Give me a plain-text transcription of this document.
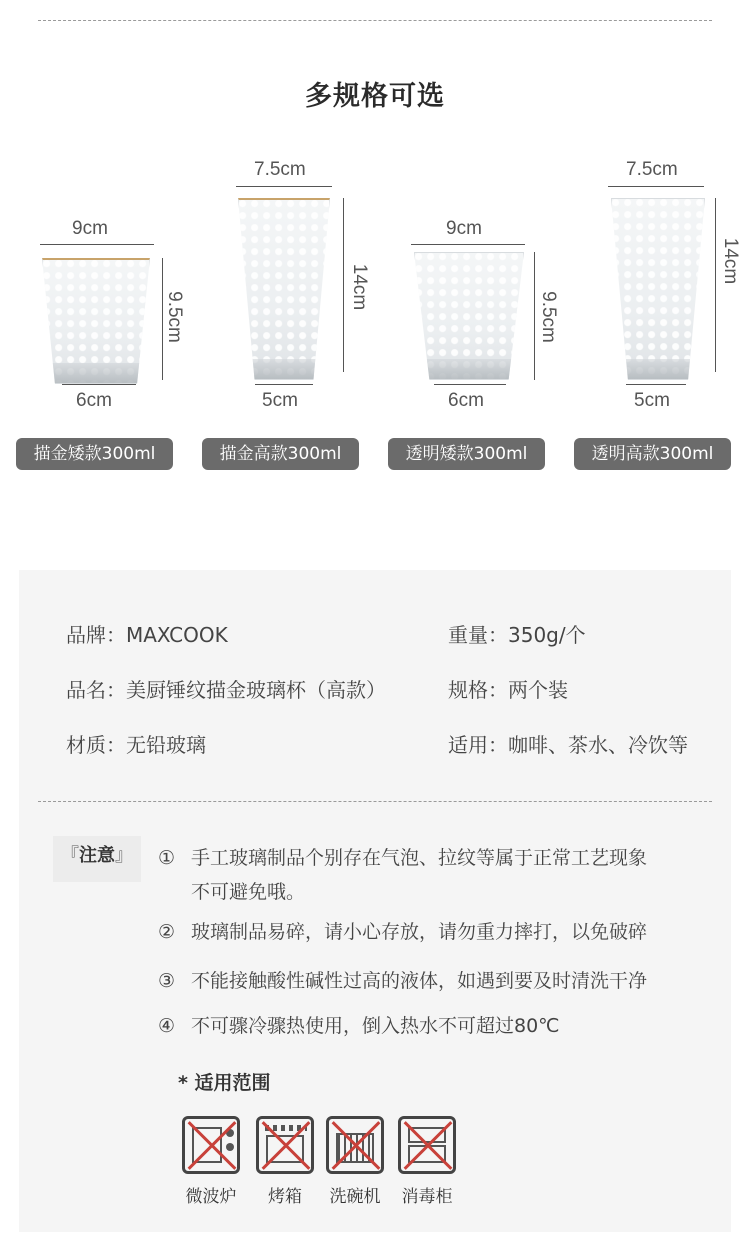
多规格可选
9cm
9.5cm
6cm
7.5cm
14cm
5cm
9cm
9.5cm
6cm
7.5cm
14cm
5cm
描金矮款300ml	描金高款300ml	透明矮款300ml	透明高款300ml
品牌：MAXCOOK	重量：350g/个
品名：美厨锤纹描金玻璃杯（高款）	规格：两个装
材质：无铅玻璃	适用：咖啡、茶水、冷饮等
『注意』	① 手工玻璃制品个别存在气泡、拉纹等属于正常工艺现象
不可避免哦。
② 玻璃制品易碎，请小心存放，请勿重力摔打，以免破碎
③ 不能接触酸性碱性过高的液体，如遇到要及时清洗干净
④ 不可骤冷骤热使用，倒入热水不可超过80℃
* 适用范围
微波炉	烤箱	洗碗机	消毒柜
